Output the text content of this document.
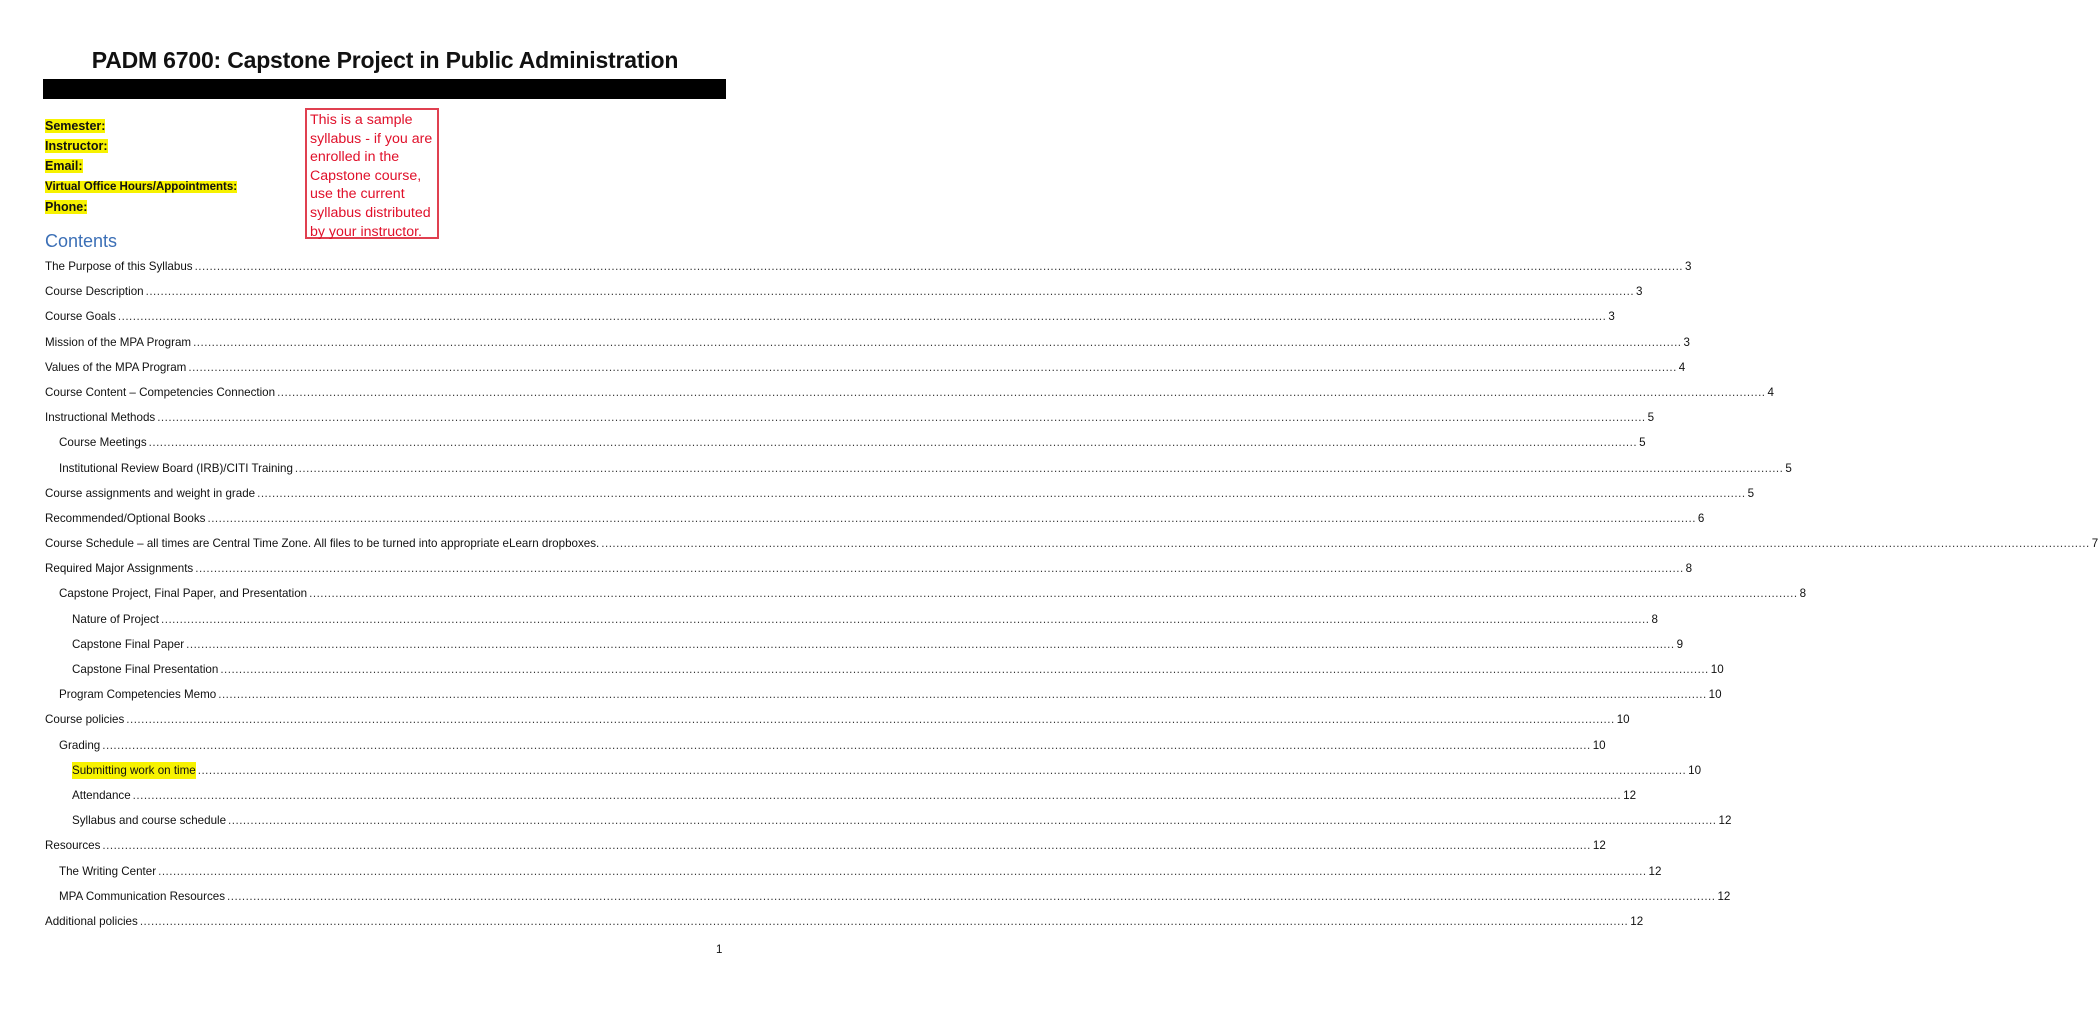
PADM 6700: Capstone Project in Public Administration
Semester:
Instructor:
Email:
Virtual Office Hours/Appointments:
Phone:
This is a sample syllabus - if you are enrolled in the Capstone course, use the current syllabus distributed by your instructor.
Contents
The Purpose of this Syllabus ................................................................................................................................................................................................................................................................................................................................................................................................................ 3
Course Description ................................................................................................................................................................................................................................................................................................................................................................................................................ 3
Course Goals ................................................................................................................................................................................................................................................................................................................................................................................................................ 3
Mission of the MPA Program ................................................................................................................................................................................................................................................................................................................................................................................................................ 3
Values of the MPA Program ................................................................................................................................................................................................................................................................................................................................................................................................................ 4
Course Content – Competencies Connection ................................................................................................................................................................................................................................................................................................................................................................................................................ 4
Instructional Methods ................................................................................................................................................................................................................................................................................................................................................................................................................ 5
Course Meetings ................................................................................................................................................................................................................................................................................................................................................................................................................ 5
Institutional Review Board (IRB)/CITI Training ................................................................................................................................................................................................................................................................................................................................................................................................................ 5
Course assignments and weight in grade ................................................................................................................................................................................................................................................................................................................................................................................................................ 5
Recommended/Optional Books ................................................................................................................................................................................................................................................................................................................................................................................................................ 6
Course Schedule – all times are Central Time Zone. All files to be turned into appropriate eLearn dropboxes. ................................................................................................................................................................................................................................................................................................................................................................................................................ 7
Required Major Assignments ................................................................................................................................................................................................................................................................................................................................................................................................................ 8
Capstone Project, Final Paper, and Presentation ................................................................................................................................................................................................................................................................................................................................................................................................................ 8
Nature of Project ................................................................................................................................................................................................................................................................................................................................................................................................................ 8
Capstone Final Paper ................................................................................................................................................................................................................................................................................................................................................................................................................ 9
Capstone Final Presentation ................................................................................................................................................................................................................................................................................................................................................................................................................ 10
Program Competencies Memo ................................................................................................................................................................................................................................................................................................................................................................................................................ 10
Course policies ................................................................................................................................................................................................................................................................................................................................................................................................................ 10
Grading ................................................................................................................................................................................................................................................................................................................................................................................................................ 10
Submitting work on time ................................................................................................................................................................................................................................................................................................................................................................................................................ 10
Attendance ................................................................................................................................................................................................................................................................................................................................................................................................................ 12
Syllabus and course schedule ................................................................................................................................................................................................................................................................................................................................................................................................................ 12
Resources ................................................................................................................................................................................................................................................................................................................................................................................................................ 12
The Writing Center ................................................................................................................................................................................................................................................................................................................................................................................................................ 12
MPA Communication Resources ................................................................................................................................................................................................................................................................................................................................................................................................................ 12
Additional policies ................................................................................................................................................................................................................................................................................................................................................................................................................ 12
1
